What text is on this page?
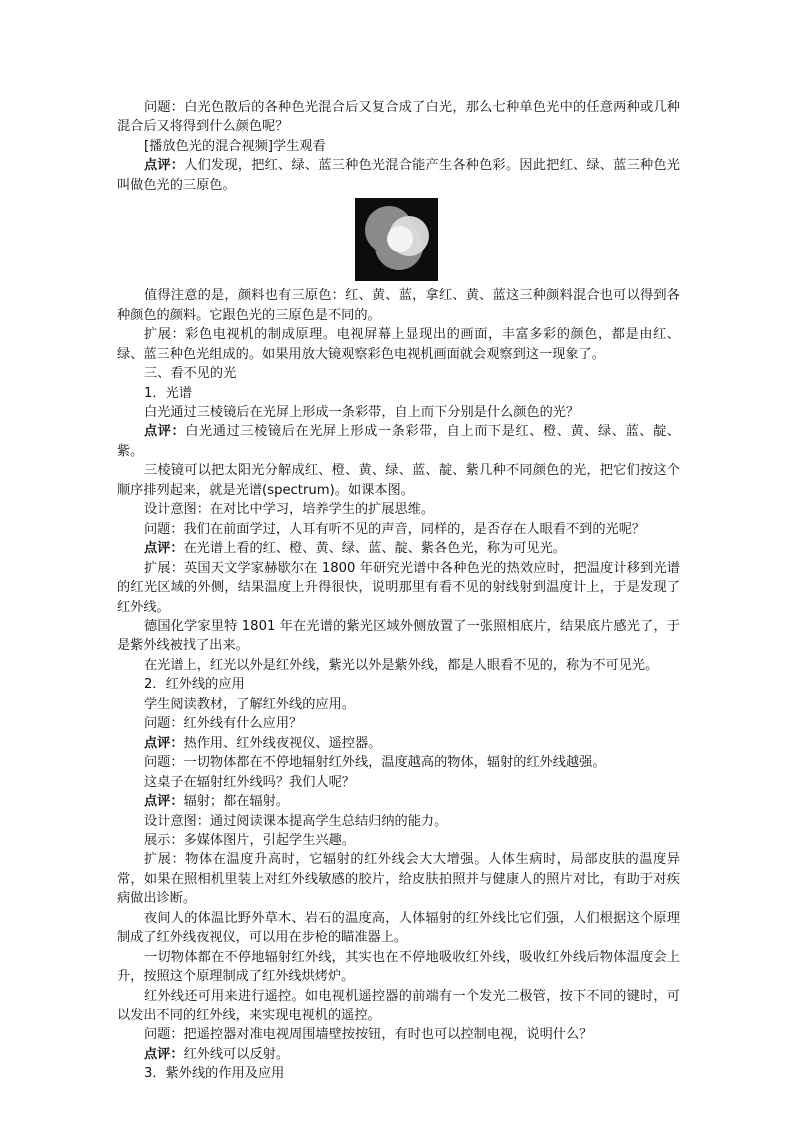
问题：白光色散后的各种色光混合后又复合成了白光，那么七种单色光中的任意两种或几种混合后又将得到什么颜色呢？

[播放色光的混合视频]学生观看

点评：人们发现，把红、绿、蓝三种色光混合能产生各种色彩。因此把红、绿、蓝三种色光叫做色光的三原色。

值得注意的是，颜料也有三原色：红、黄、蓝，拿红、黄、蓝这三种颜料混合也可以得到各种颜色的颜料。它跟色光的三原色是不同的。

扩展：彩色电视机的制成原理。电视屏幕上显现出的画面，丰富多彩的颜色，都是由红、绿、蓝三种色光组成的。如果用放大镜观察彩色电视机画面就会观察到这一现象了。

三、看不见的光

1．光谱

白光通过三棱镜后在光屏上形成一条彩带，自上而下分别是什么颜色的光？

点评：白光通过三棱镜后在光屏上形成一条彩带，自上而下是红、橙、黄、绿、蓝、靛、紫。

三棱镜可以把太阳光分解成红、橙、黄、绿、蓝、靛、紫几种不同颜色的光，把它们按这个顺序排列起来，就是光谱(spectrum)。如课本图。

设计意图：在对比中学习，培养学生的扩展思维。

问题：我们在前面学过，人耳有听不见的声音，同样的，是否存在人眼看不到的光呢？

点评：在光谱上看的红、橙、黄、绿、蓝、靛、紫各色光，称为可见光。

扩展：英国天文学家赫歇尔在 1800 年研究光谱中各种色光的热效应时，把温度计移到光谱的红光区域的外侧，结果温度上升得很快，说明那里有看不见的射线射到温度计上，于是发现了红外线。

德国化学家里特 1801 年在光谱的紫光区域外侧放置了一张照相底片，结果底片感光了，于是紫外线被找了出来。

在光谱上，红光以外是红外线，紫光以外是紫外线，都是人眼看不见的，称为不可见光。

2．红外线的应用

学生阅读教材，了解红外线的应用。

问题：红外线有什么应用？

点评：热作用、红外线夜视仪、遥控器。

问题：一切物体都在不停地辐射红外线，温度越高的物体，辐射的红外线越强。

这桌子在辐射红外线吗？我们人呢？

点评：辐射；都在辐射。

设计意图：通过阅读课本提高学生总结归纳的能力。

展示：多媒体图片，引起学生兴趣。

扩展：物体在温度升高时，它辐射的红外线会大大增强。人体生病时，局部皮肤的温度异常，如果在照相机里装上对红外线敏感的胶片，给皮肤拍照并与健康人的照片对比，有助于对疾病做出诊断。

夜间人的体温比野外草木、岩石的温度高，人体辐射的红外线比它们强，人们根据这个原理制成了红外线夜视仪，可以用在步枪的瞄准器上。

一切物体都在不停地辐射红外线，其实也在不停地吸收红外线，吸收红外线后物体温度会上升，按照这个原理制成了红外线烘烤炉。

红外线还可用来进行遥控。如电视机遥控器的前端有一个发光二极管，按下不同的键时，可以发出不同的红外线，来实现电视机的遥控。

问题：把遥控器对准电视周围墙壁按按钮，有时也可以控制电视，说明什么？

点评：红外线可以反射。

3．紫外线的作用及应用
